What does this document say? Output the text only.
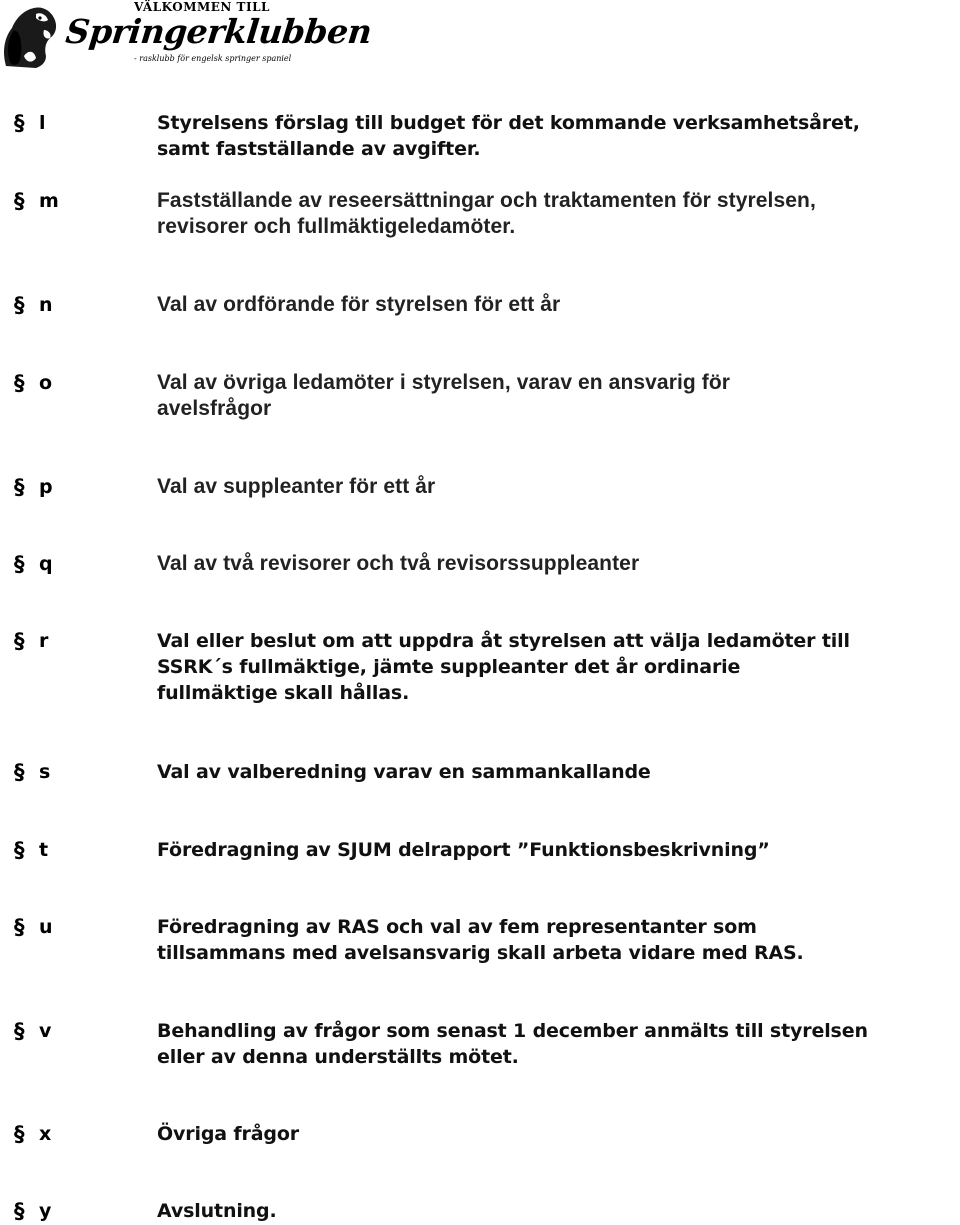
VÄLKOMMEN TILL
Springerklubben
- rasklubb för engelsk springer spaniel
§ l	Styrelsens förslag till budget för det kommande verksamhetsåret,
samt fastställande av avgifter.
§ m	Fastställande av reseersättningar och traktamenten för styrelsen,
revisorer och fullmäktigeledamöter.
§ n	Val av ordförande för styrelsen för ett år
§ o	Val av övriga ledamöter i styrelsen, varav en ansvarig för
avelsfrågor
§ p	Val av suppleanter för ett år
§ q	Val av två revisorer och två revisorssuppleanter
§ r	Val eller beslut om att uppdra åt styrelsen att välja ledamöter till
SSRK´s fullmäktige, jämte suppleanter det år ordinarie
fullmäktige skall hållas.
§ s	Val av valberedning varav en sammankallande
§ t	Föredragning av SJUM delrapport ”Funktionsbeskrivning”
§ u	Föredragning av RAS och val av fem representanter som
tillsammans med avelsansvarig skall arbeta vidare med RAS.
§ v	Behandling av frågor som senast 1 december anmälts till styrelsen
eller av denna underställts mötet.
§ x	Övriga frågor
§ y	Avslutning.
